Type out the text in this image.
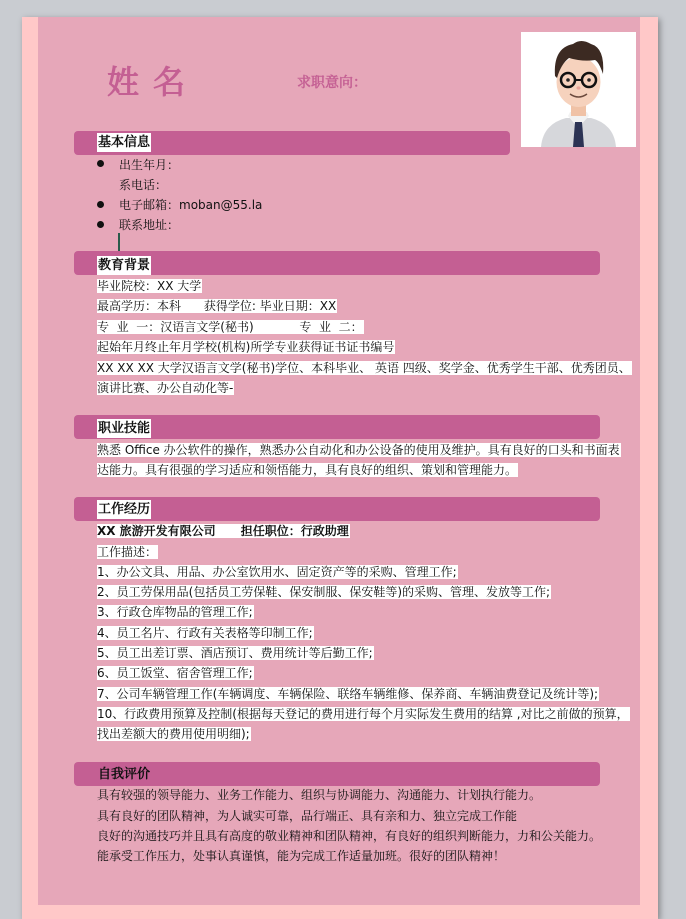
姓名	求职意向：
基本信息
出生年月：
系电话：
电子邮箱：moban@55.la
联系地址：
教育背景
毕业院校：XX 大学
最高学历：本科      获得学位: 毕业日期：XX
专  业  一：汉语言文学(秘书)            专  业  二：
起始年月终止年月学校(机构)所学专业获得证书证书编号
XX XX XX 大学汉语言文学(秘书)学位、本科毕业、 英语 四级、奖学金、优秀学生干部、优秀团员、
演讲比赛、办公自动化等-
职业技能
熟悉 Office 办公软件的操作，熟悉办公自动化和办公设备的使用及维护。具有良好的口头和书面表
达能力。具有很强的学习适应和领悟能力，具有良好的组织、策划和管理能力。
工作经历
XX 旅游开发有限公司      担任职位：行政助理
工作描述：
1、办公文具、用品、办公室饮用水、固定资产等的采购、管理工作;
2、员工劳保用品(包括员工劳保鞋、保安制服、保安鞋等)的采购、管理、发放等工作;
3、行政仓库物品的管理工作;
4、员工名片、行政有关表格等印制工作;
5、员工出差订票、酒店预订、费用统计等后勤工作;
6、员工饭堂、宿舍管理工作;
7、公司车辆管理工作(车辆调度、车辆保险、联络车辆维修、保养商、车辆油费登记及统计等);
10、行政费用预算及控制(根据每天登记的费用进行每个月实际发生费用的结算 ,对比之前做的预算，
找出差额大的费用使用明细);
自我评价
具有较强的领导能力、业务工作能力、组织与协调能力、沟通能力、计划执行能力。
具有良好的团队精神，为人诚实可靠，品行端正、具有亲和力、独立完成工作能
良好的沟通技巧并且具有高度的敬业精神和团队精神，有良好的组织判断能力，力和公关能力。
能承受工作压力，处事认真谨慎，能为完成工作适量加班。很好的团队精神！
